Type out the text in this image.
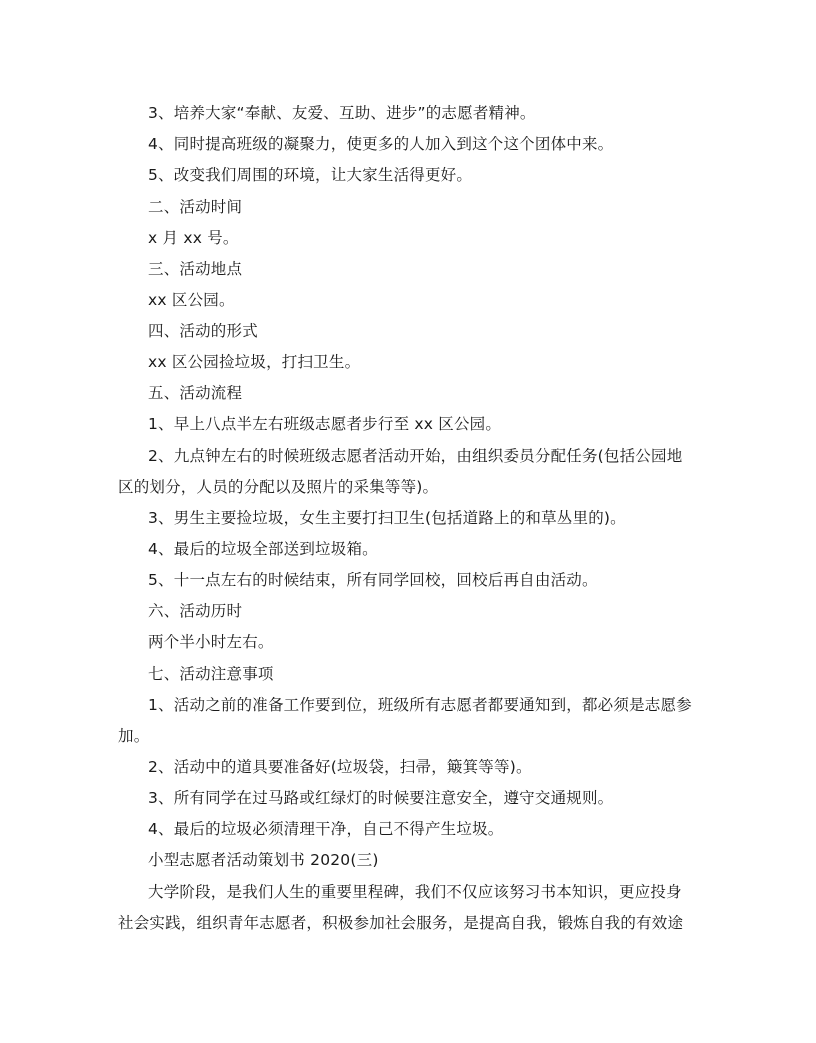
3、培养大家“奉献、友爱、互助、进步”的志愿者精神。
4、同时提高班级的凝聚力，使更多的人加入到这个这个团体中来。
5、改变我们周围的环境，让大家生活得更好。
二、活动时间
x 月 xx 号。
三、活动地点
xx 区公园。
四、活动的形式
xx 区公园捡垃圾，打扫卫生。
五、活动流程
1、早上八点半左右班级志愿者步行至 xx 区公园。
2、九点钟左右的时候班级志愿者活动开始，由组织委员分配任务(包括公园地
区的划分，人员的分配以及照片的采集等等)。
3、男生主要捡垃圾，女生主要打扫卫生(包括道路上的和草丛里的)。
4、最后的垃圾全部送到垃圾箱。
5、十一点左右的时候结束，所有同学回校，回校后再自由活动。
六、活动历时
两个半小时左右。
七、活动注意事项
1、活动之前的准备工作要到位，班级所有志愿者都要通知到，都必须是志愿参
加。
2、活动中的道具要准备好(垃圾袋，扫帚，簸箕等等)。
3、所有同学在过马路或红绿灯的时候要注意安全，遵守交通规则。
4、最后的垃圾必须清理干净，自己不得产生垃圾。
小型志愿者活动策划书 2020(三)
大学阶段，是我们人生的重要里程碑，我们不仅应该努习书本知识，更应投身
社会实践，组织青年志愿者，积极参加社会服务，是提高自我，锻炼自我的有效途
